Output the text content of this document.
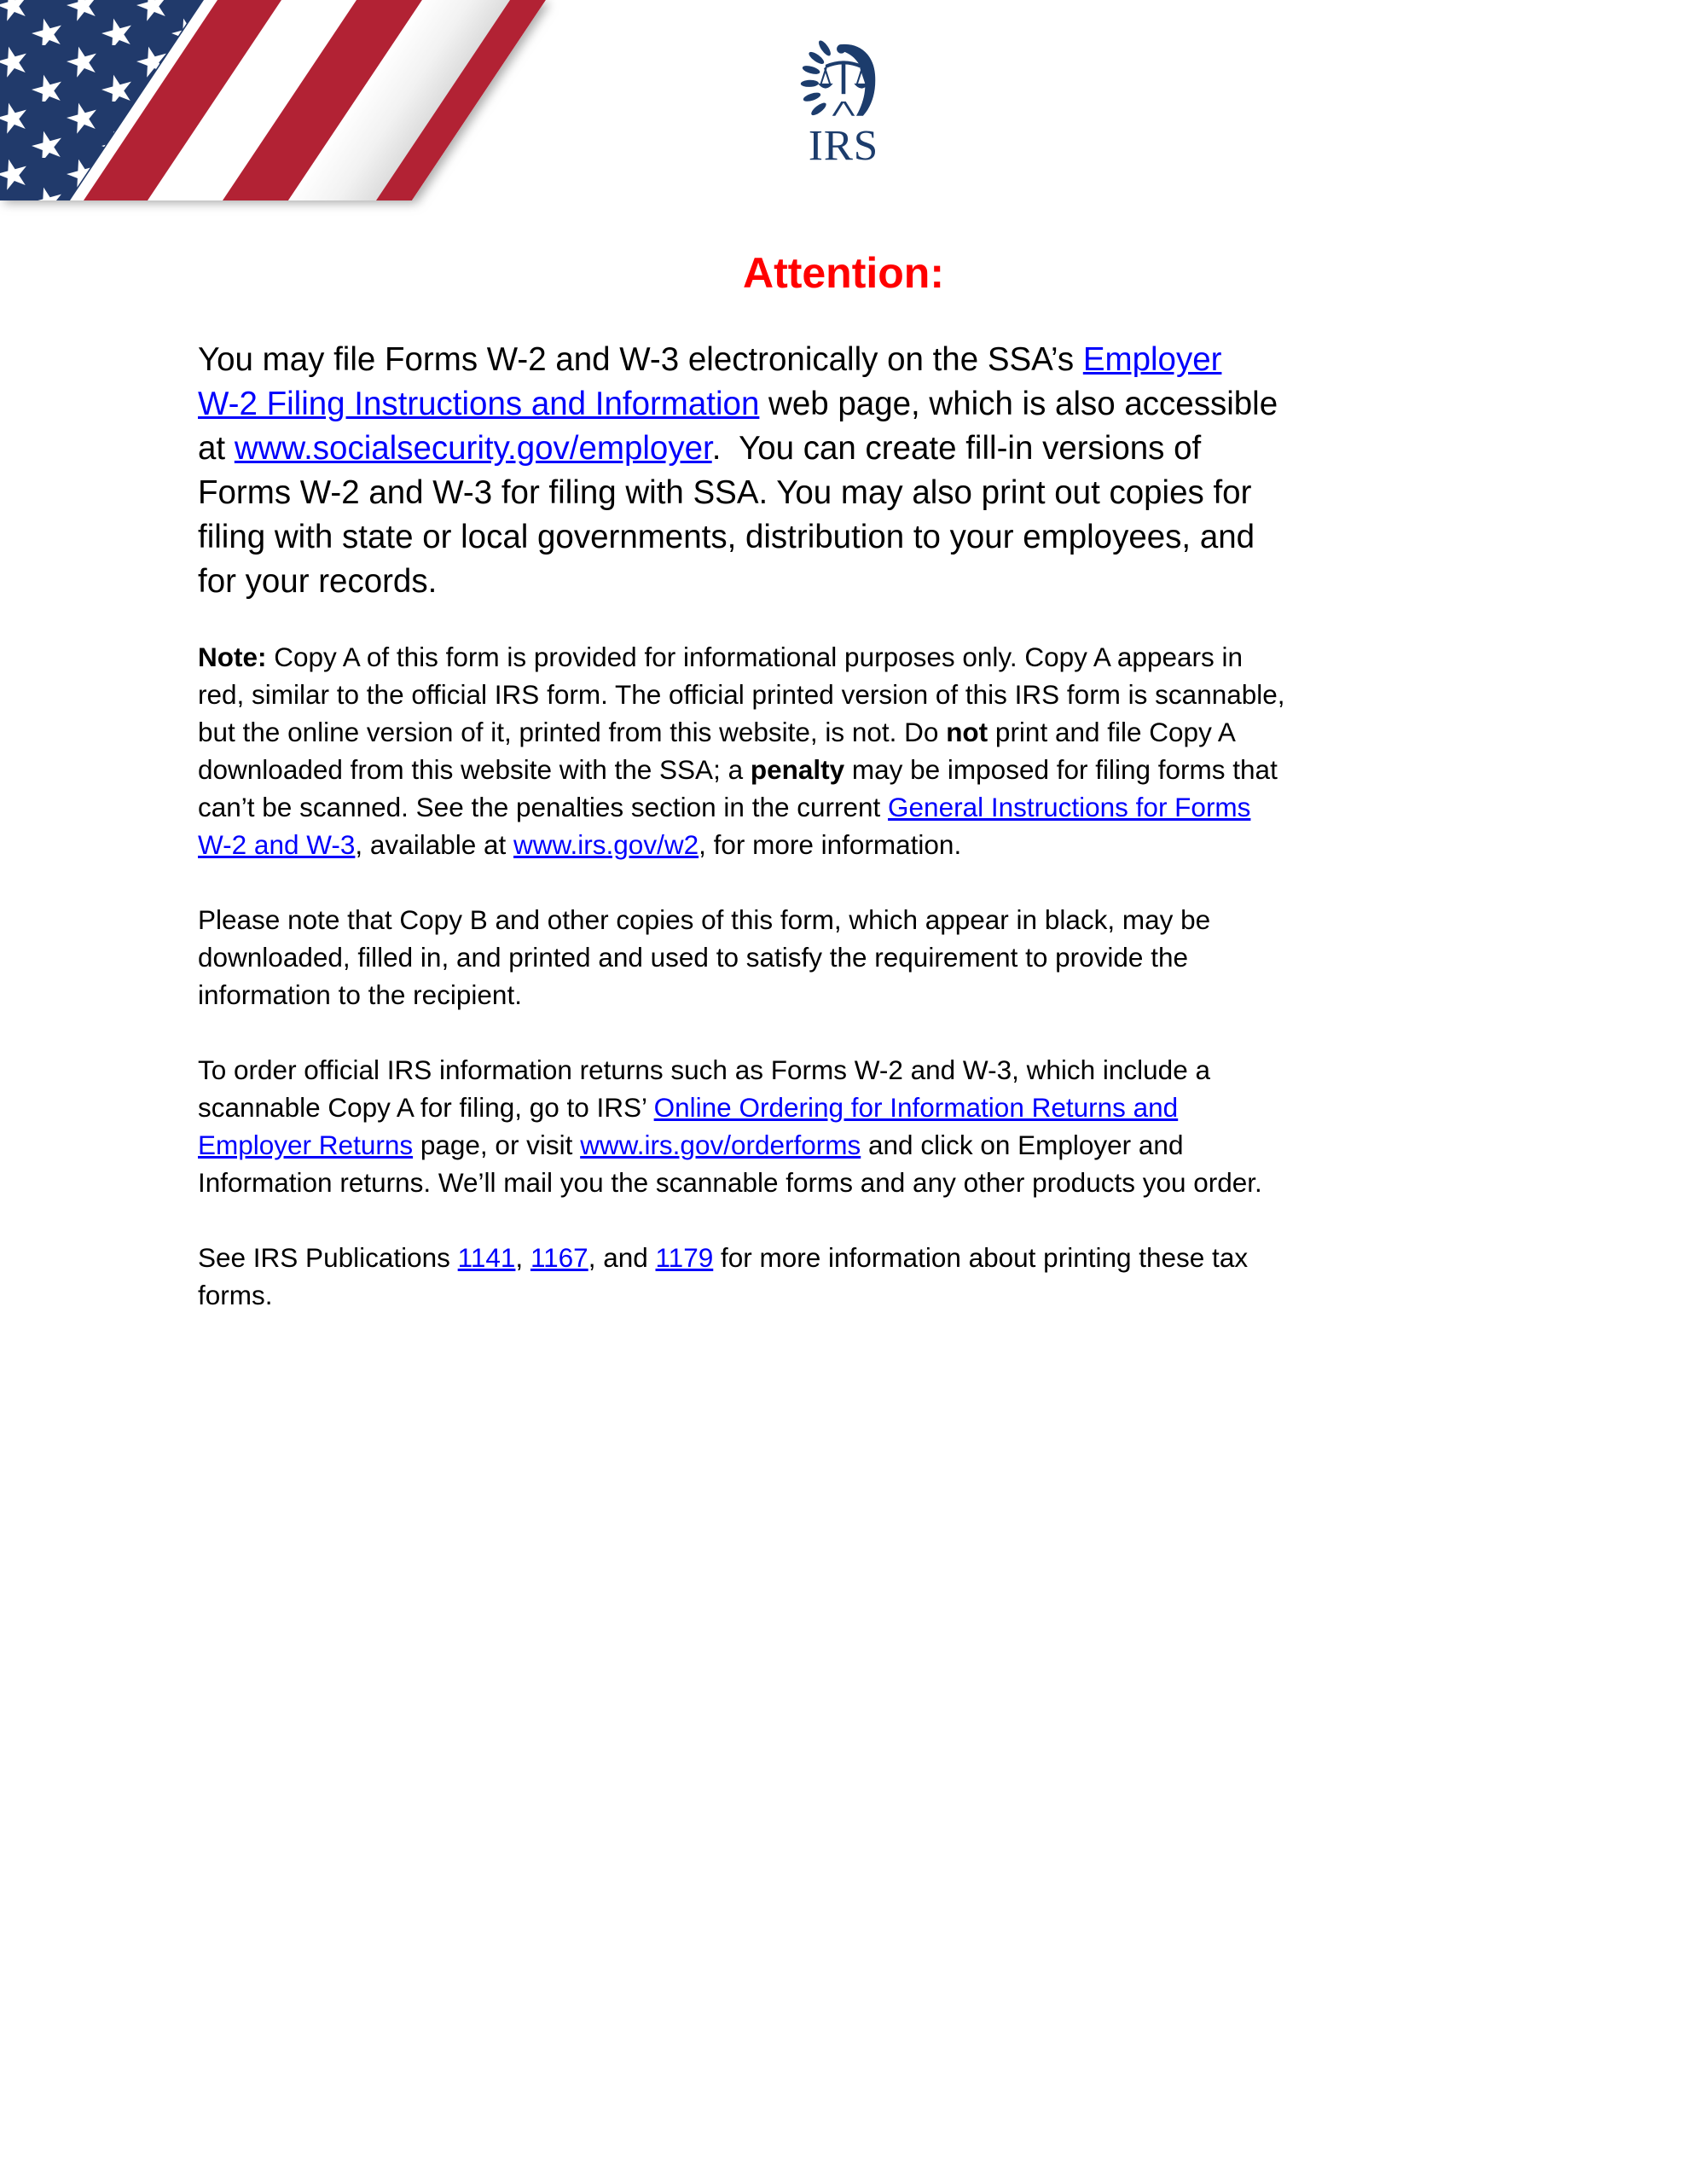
IRS
Attention:

You may file Forms W-2 and W-3 electronically on the SSA’s Employer
W-2 Filing Instructions and Information web page, which is also accessible
at www.socialsecurity.gov/employer.  You can create fill-in versions of
Forms W-2 and W-3 for filing with SSA. You may also print out copies for
filing with state or local governments, distribution to your employees, and
for your records.

Note: Copy A of this form is provided for informational purposes only. Copy A appears in
red, similar to the official IRS form. The official printed version of this IRS form is scannable,
but the online version of it, printed from this website, is not. Do not print and file Copy A
downloaded from this website with the SSA; a penalty may be imposed for filing forms that
can’t be scanned. See the penalties section in the current General Instructions for Forms
W-2 and W-3, available at www.irs.gov/w2, for more information.

Please note that Copy B and other copies of this form, which appear in black, may be
downloaded, filled in, and printed and used to satisfy the requirement to provide the
information to the recipient.

To order official IRS information returns such as Forms W-2 and W-3, which include a
scannable Copy A for filing, go to IRS’ Online Ordering for Information Returns and
Employer Returns page, or visit www.irs.gov/orderforms and click on Employer and
Information returns. We’ll mail you the scannable forms and any other products you order.

See IRS Publications 1141, 1167, and 1179 for more information about printing these tax
forms.
